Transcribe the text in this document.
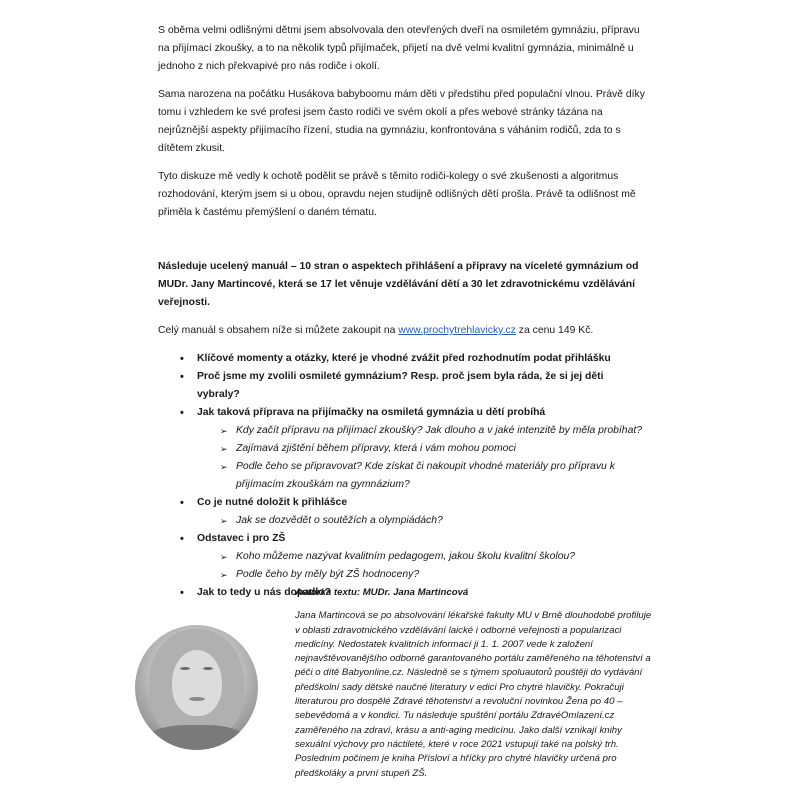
S oběma velmi odlišnými dětmi jsem absolvovala den otevřených dveří na osmiletém gymnáziu, přípravu na přijímací zkoušky, a to na několik typů přijímaček, přijetí na dvě velmi kvalitní gymnázia, minimálně u jednoho z nich překvapivé pro nás rodiče i okolí.

Sama narozena na počátku Husákova babyboomu mám děti v předstihu před populační vlnou. Právě díky tomu i vzhledem ke své profesi jsem často rodiči ve svém okolí a přes webové stránky tázána na nejrůznější aspekty přijímacího řízení, studia na gymnáziu, konfrontována s váháním rodičů, zda to s dítětem zkusit.

Tyto diskuze mě vedly k ochotě podělit se právě s těmito rodiči-kolegy o své zkušenosti a algoritmus rozhodování, kterým jsem si u obou, opravdu nejen studijně odlišných dětí prošla. Právě ta odlišnost mě přiměla k častému přemýšlení o daném tématu.

Následuje ucelený manuál – 10 stran o aspektech přihlášení a přípravy na víceleté gymnázium od MUDr. Jany Martincové, která se 17 let věnuje vzdělávání dětí a 30 let zdravotnickému vzdělávání veřejnosti.

Celý manuál s obsahem níže si můžete zakoupit na www.prochytrehlavicky.cz za cenu 149 Kč.

• Klíčové momenty a otázky, které je vhodné zvážit před rozhodnutím podat přihlášku
• Proč jsme my zvolili osmileté gymnázium? Resp. proč jsem byla ráda, že si jej děti vybraly?
• Jak taková příprava na přijímačky na osmiletá gymnázia u dětí probíhá
➢ Kdy začít přípravu na přijímací zkoušky? Jak dlouho a v jaké intenzitě by měla probíhat?
➢ Zajímavá zjištění během přípravy, která i vám mohou pomoci
➢ Podle čeho se připravovat? Kde získat či nakoupit vhodné materiály pro přípravu k přijímacím zkouškám na gymnázium?
• Co je nutné doložit k přihlášce
➢ Jak se dozvědět o soutěžích a olympiádách?
• Odstavec i pro ZŠ
➢ Koho můžeme nazývat kvalitním pedagogem, jakou školu kvalitní školou?
➢ Podle čeho by měly být ZŠ hodnoceny?
• Jak to tedy u nás dopadlo?
Autorka textu: MUDr. Jana Martincová
Jana Martincová se po absolvování lékařské fakulty MU v Brně dlouhodobě profiluje v oblasti zdravotnického vzdělávání laické i odborné veřejnosti a popularizaci medicíny. Nedostatek kvalitních informací ji 1. 1. 2007 vede k založení nejnavštěvovanějšího odborně garantovaného portálu zaměřeného na těhotenství a péči o dítě Babyonline.cz. Následně se s týmem spoluautorů pouštěji do vydávání předškolní sady dětské naučné literatury v edici Pro chytré hlavičky. Pokračuji literaturou pro dospělé Zdravé těhotenství a revoluční novinkou Žena po 40 – sebevědomá a v kondici. Tu následuje spuštění portálu ZdravéOmlazení.cz zaměřeného na zdraví, krásu a anti-aging medicínu. Jako další vznikají knihy sexuální výchovy pro náctileté, které v roce 2021 vstupují také na polský trh. Posledním počinem je kniha Přísloví a hříčky pro chytré hlavičky určená pro předškoláky a první stupeň ZŠ.
